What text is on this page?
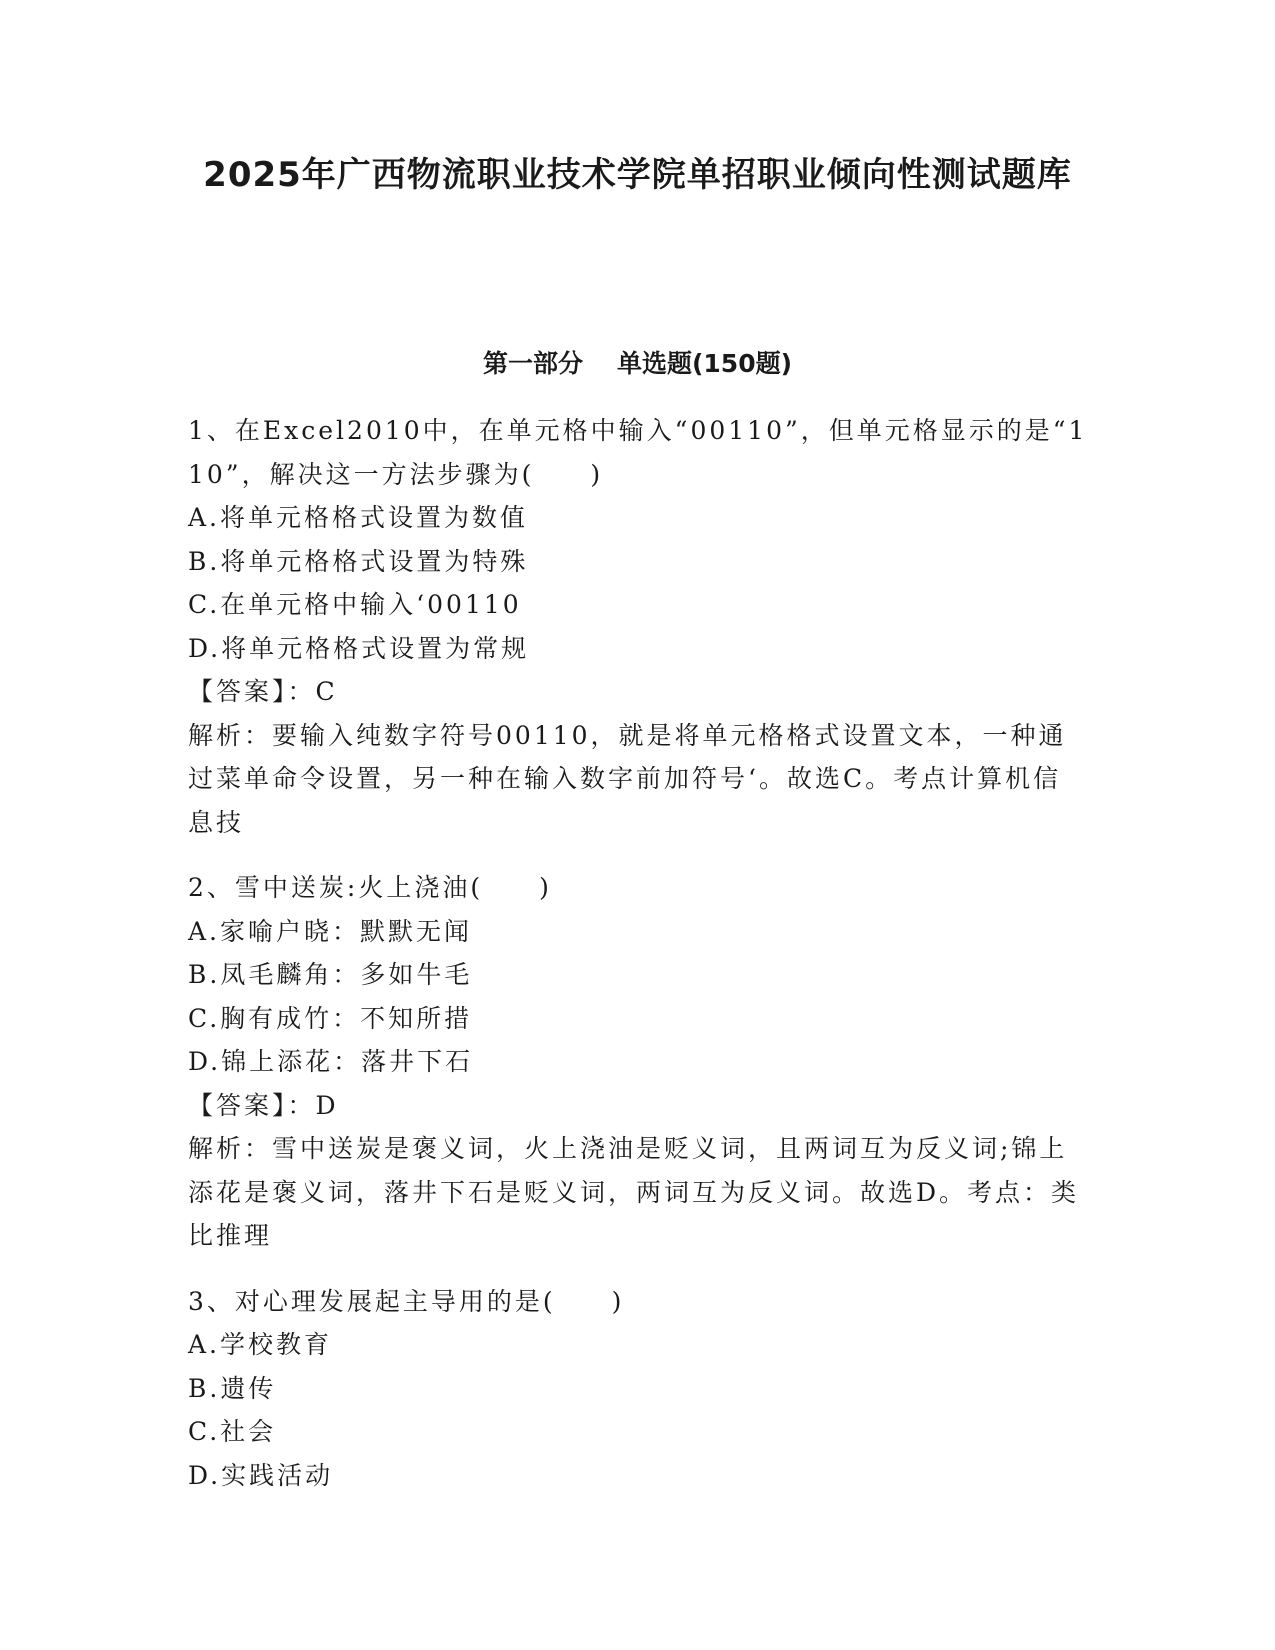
2025年广西物流职业技术学院单招职业倾向性测试题库
第一部分 单选题(150题)
1、在Excel2010中，在单元格中输入“00110”，但单元格显示的是“110”，解决这一方法步骤为(　　)
A.将单元格格式设置为数值
B.将单元格格式设置为特殊
C.在单元格中输入‘00110
D.将单元格格式设置为常规
【答案】：C
解析：要输入纯数字符号00110，就是将单元格格式设置文本，一种通过菜单命令设置，另一种在输入数字前加符号‘。故选C。考点计算机信息技
2、雪中送炭:火上浇油(　　)
A.家喻户晓：默默无闻
B.凤毛麟角：多如牛毛
C.胸有成竹：不知所措
D.锦上添花：落井下石
【答案】：D
解析：雪中送炭是褒义词，火上浇油是贬义词，且两词互为反义词;锦上添花是褒义词，落井下石是贬义词，两词互为反义词。故选D。考点：类比推理
3、对心理发展起主导用的是(　　)
A.学校教育
B.遗传
C.社会
D.实践活动
